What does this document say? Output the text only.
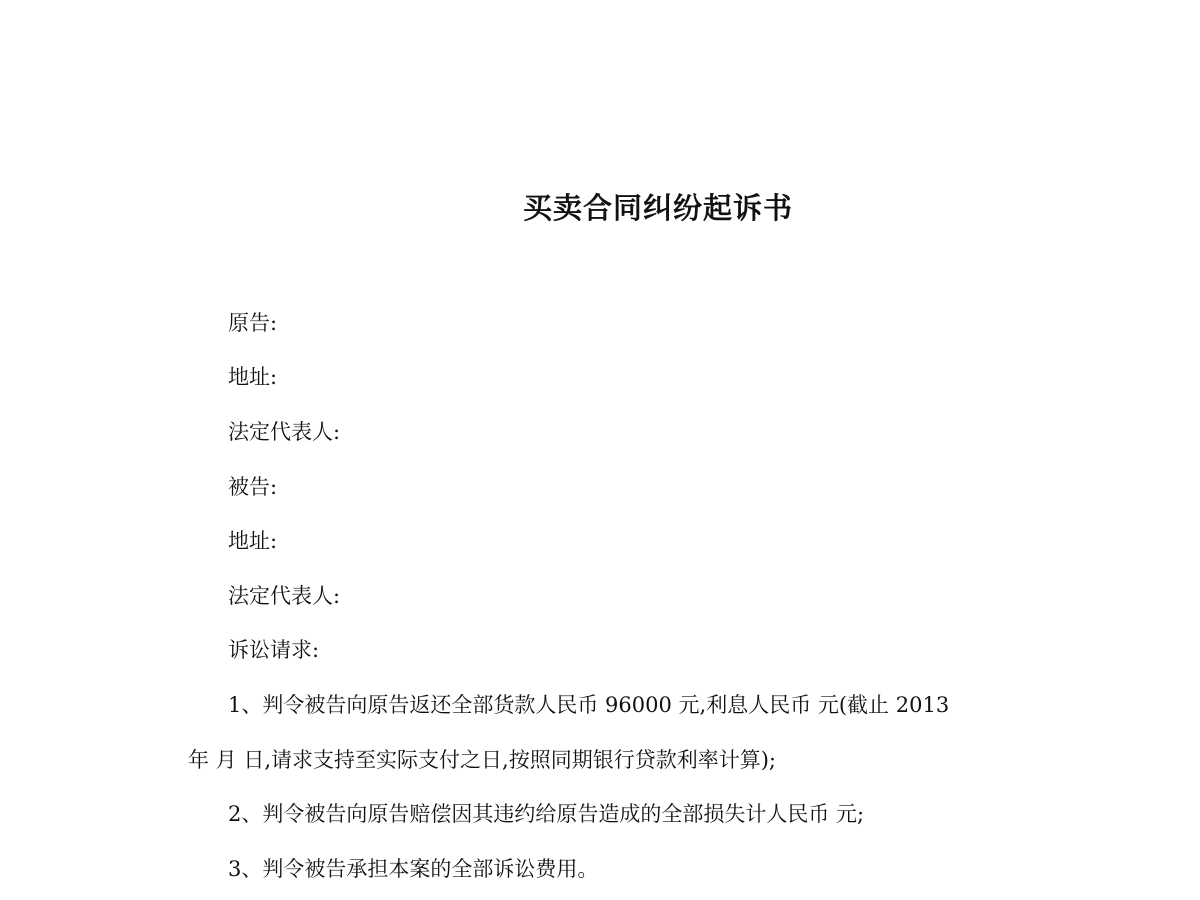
买卖合同纠纷起诉书
原告:
地址:
法定代表人:
被告:
地址:
法定代表人:
诉讼请求:
1、判令被告向原告返还全部货款人民币 96000 元,利息人民币 元(截止 2013
年 月 日,请求支持至实际支付之日,按照同期银行贷款利率计算);
2、判令被告向原告赔偿因其违约给原告造成的全部损失计人民币 元;
3、判令被告承担本案的全部诉讼费用。
